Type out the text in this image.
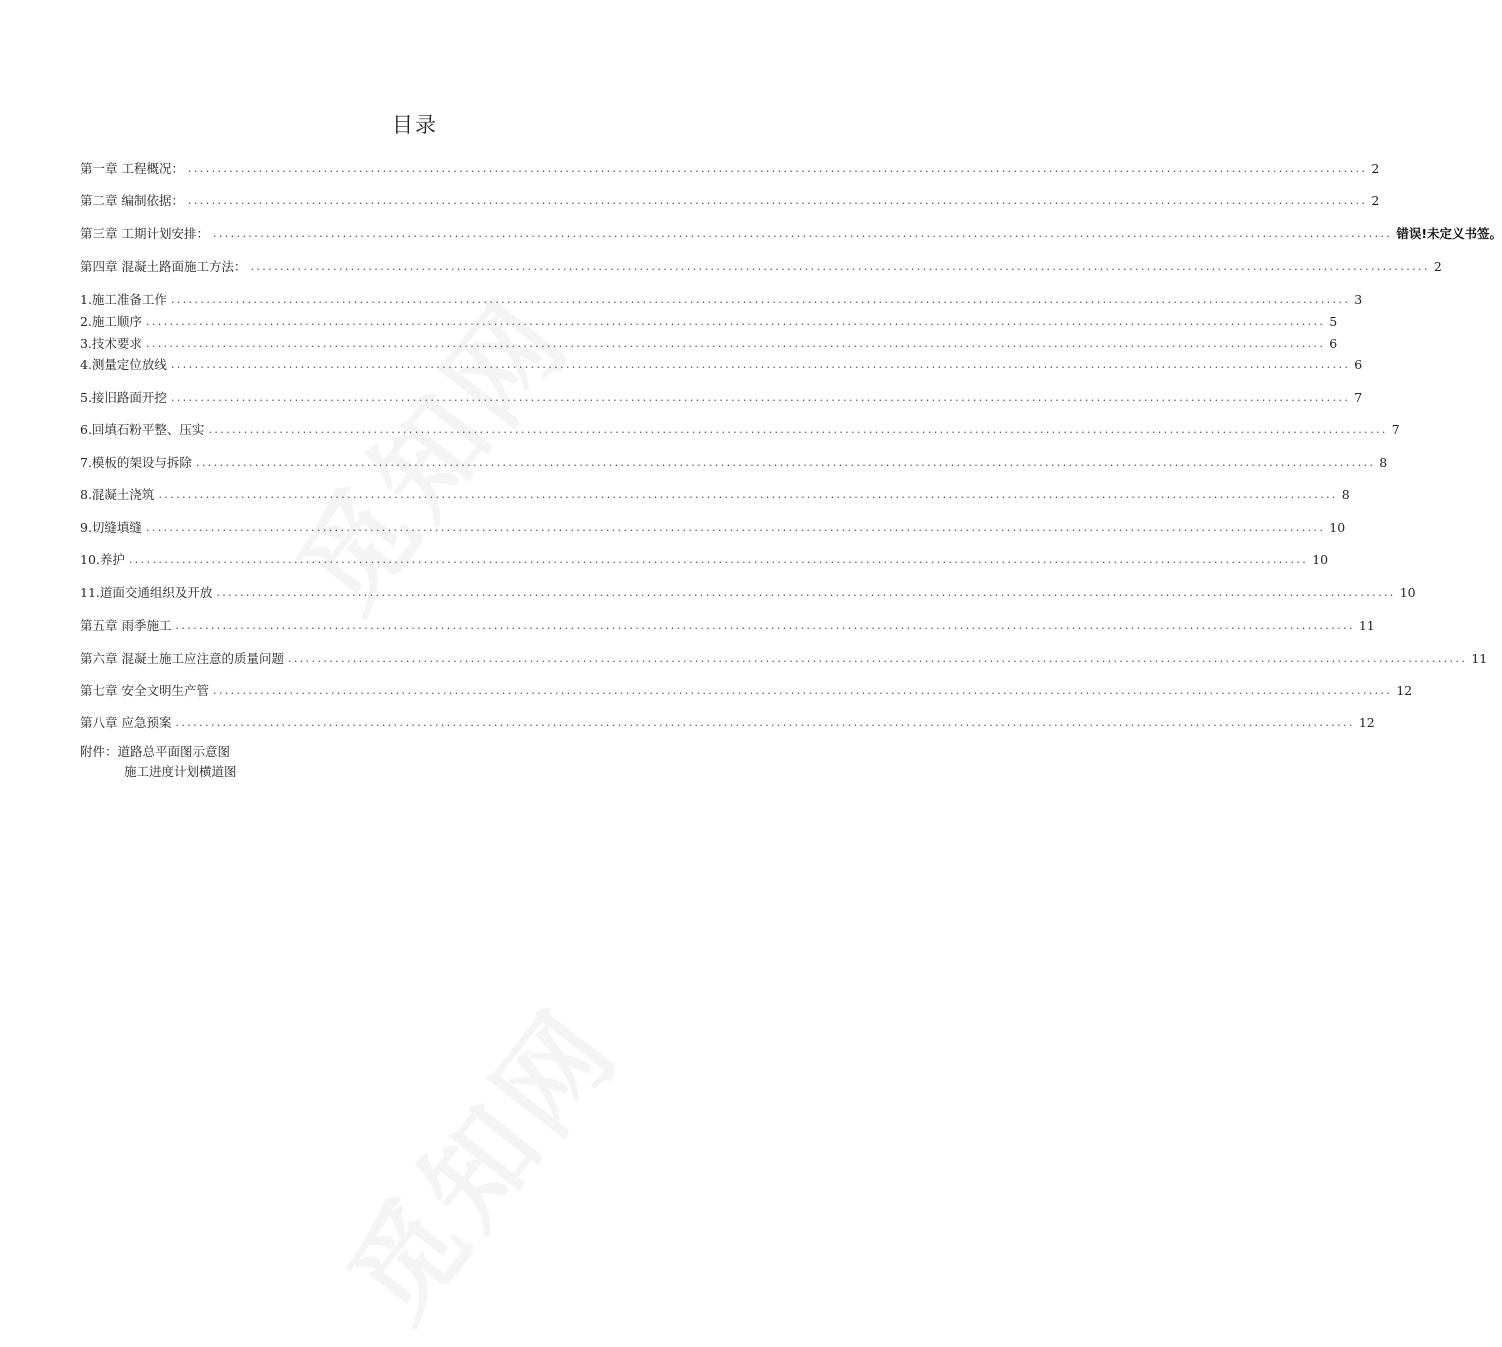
目录
第一章 工程概况： ........................................................................................................................................................................................................ 2
第二章 编制依据： ........................................................................................................................................................................................................ 2
第三章 工期计划安排： ........................................................................................................................................................................................................ 错误!未定义书签。
第四章 混凝土路面施工方法： ........................................................................................................................................................................................................ 2
1.施工准备工作 ........................................................................................................................................................................................................ 3
2.施工顺序 ........................................................................................................................................................................................................ 5
3.技术要求 ........................................................................................................................................................................................................ 6
4.测量定位放线 ........................................................................................................................................................................................................ 6
5.接旧路面开挖 ........................................................................................................................................................................................................ 7
6.回填石粉平整、压实 ........................................................................................................................................................................................................ 7
7.模板的架设与拆除 ........................................................................................................................................................................................................ 8
8.混凝土浇筑 ........................................................................................................................................................................................................ 8
9.切缝填缝 ........................................................................................................................................................................................................ 10
10.养护 ........................................................................................................................................................................................................ 10
11.道面交通组织及开放 ........................................................................................................................................................................................................ 10
第五章 雨季施工 ........................................................................................................................................................................................................ 11
第六章 混凝土施工应注意的质量问题 ........................................................................................................................................................................................................ 11
第七章 安全文明生产管 ........................................................................................................................................................................................................ 12
第八章 应急预案 ........................................................................................................................................................................................................ 12
附件：道路总平面图示意图
施工进度计划横道图
